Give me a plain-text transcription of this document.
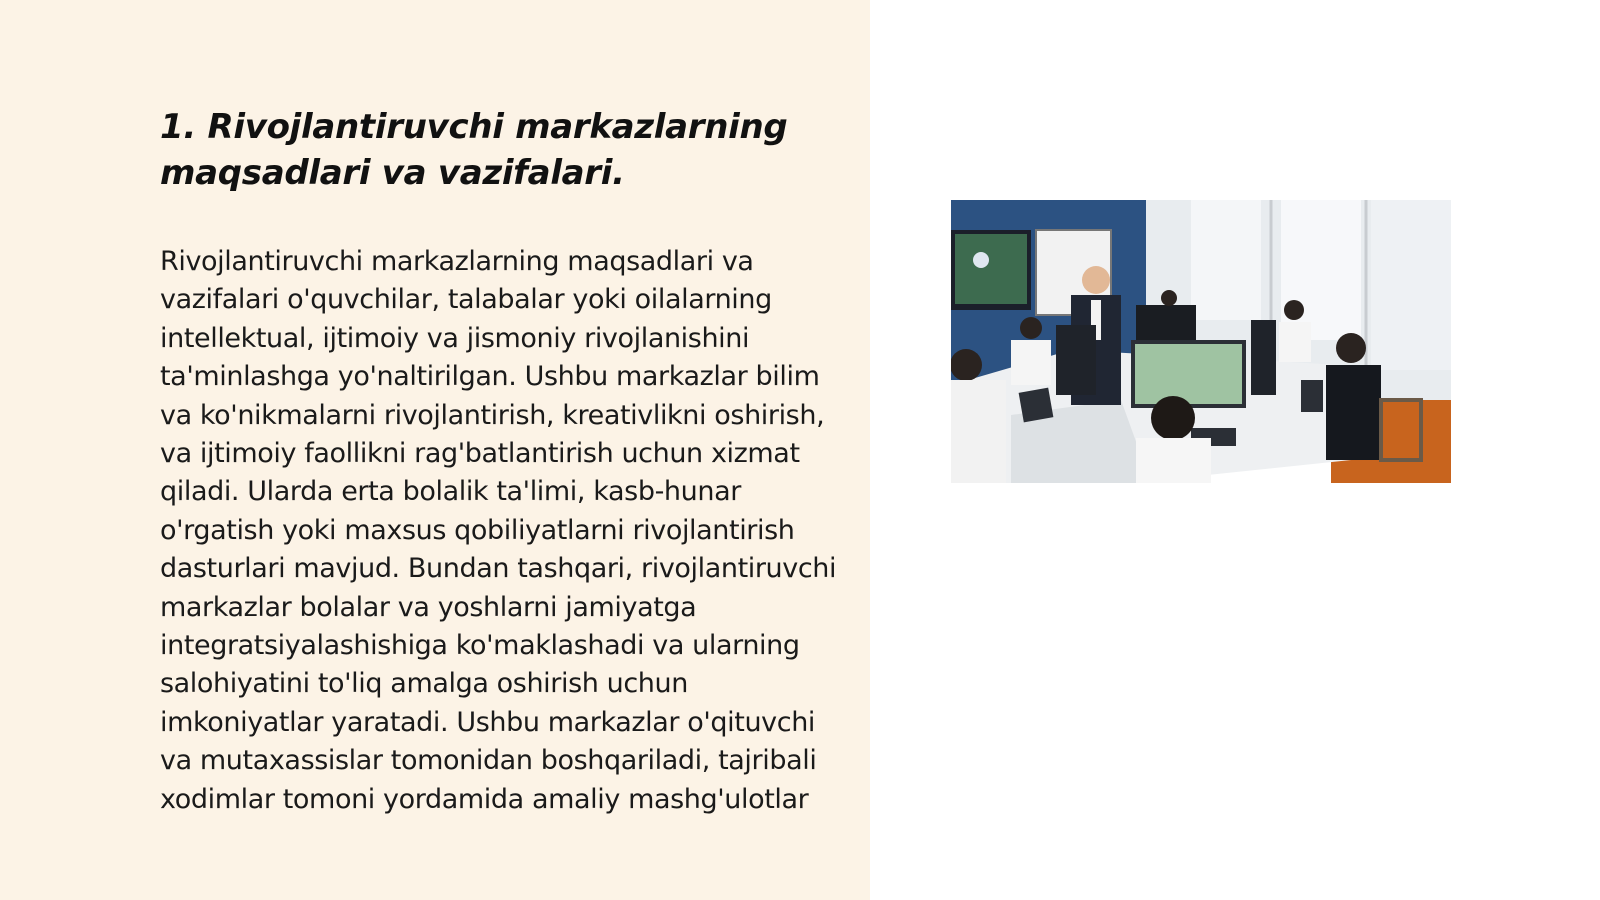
1. Rivojlantiruvchi markazlarning maqsadlari va vazifalari.

Rivojlantiruvchi markazlarning maqsadlari va vazifalari o'quvchilar, talabalar yoki oilalarning intellektual, ijtimoiy va jismoniy rivojlanishini ta'minlashga yo'naltirilgan. Ushbu markazlar bilim va ko'nikmalarni rivojlantirish, kreativlikni oshirish, va ijtimoiy faollikni rag'batlantirish uchun xizmat qiladi. Ularda erta bolalik ta'limi, kasb-hunar o'rgatish yoki maxsus qobiliyatlarni rivojlantirish dasturlari mavjud. Bundan tashqari, rivojlantiruvchi markazlar bolalar va yoshlarni jamiyatga integratsiyalashishiga ko'maklashadi va ularning salohiyatini to'liq amalga oshirish uchun imkoniyatlar yaratadi. Ushbu markazlar o'qituvchi va mutaxassislar tomonidan boshqariladi, tajribali xodimlar tomoni yordamida amaliy mashg'ulotlar
